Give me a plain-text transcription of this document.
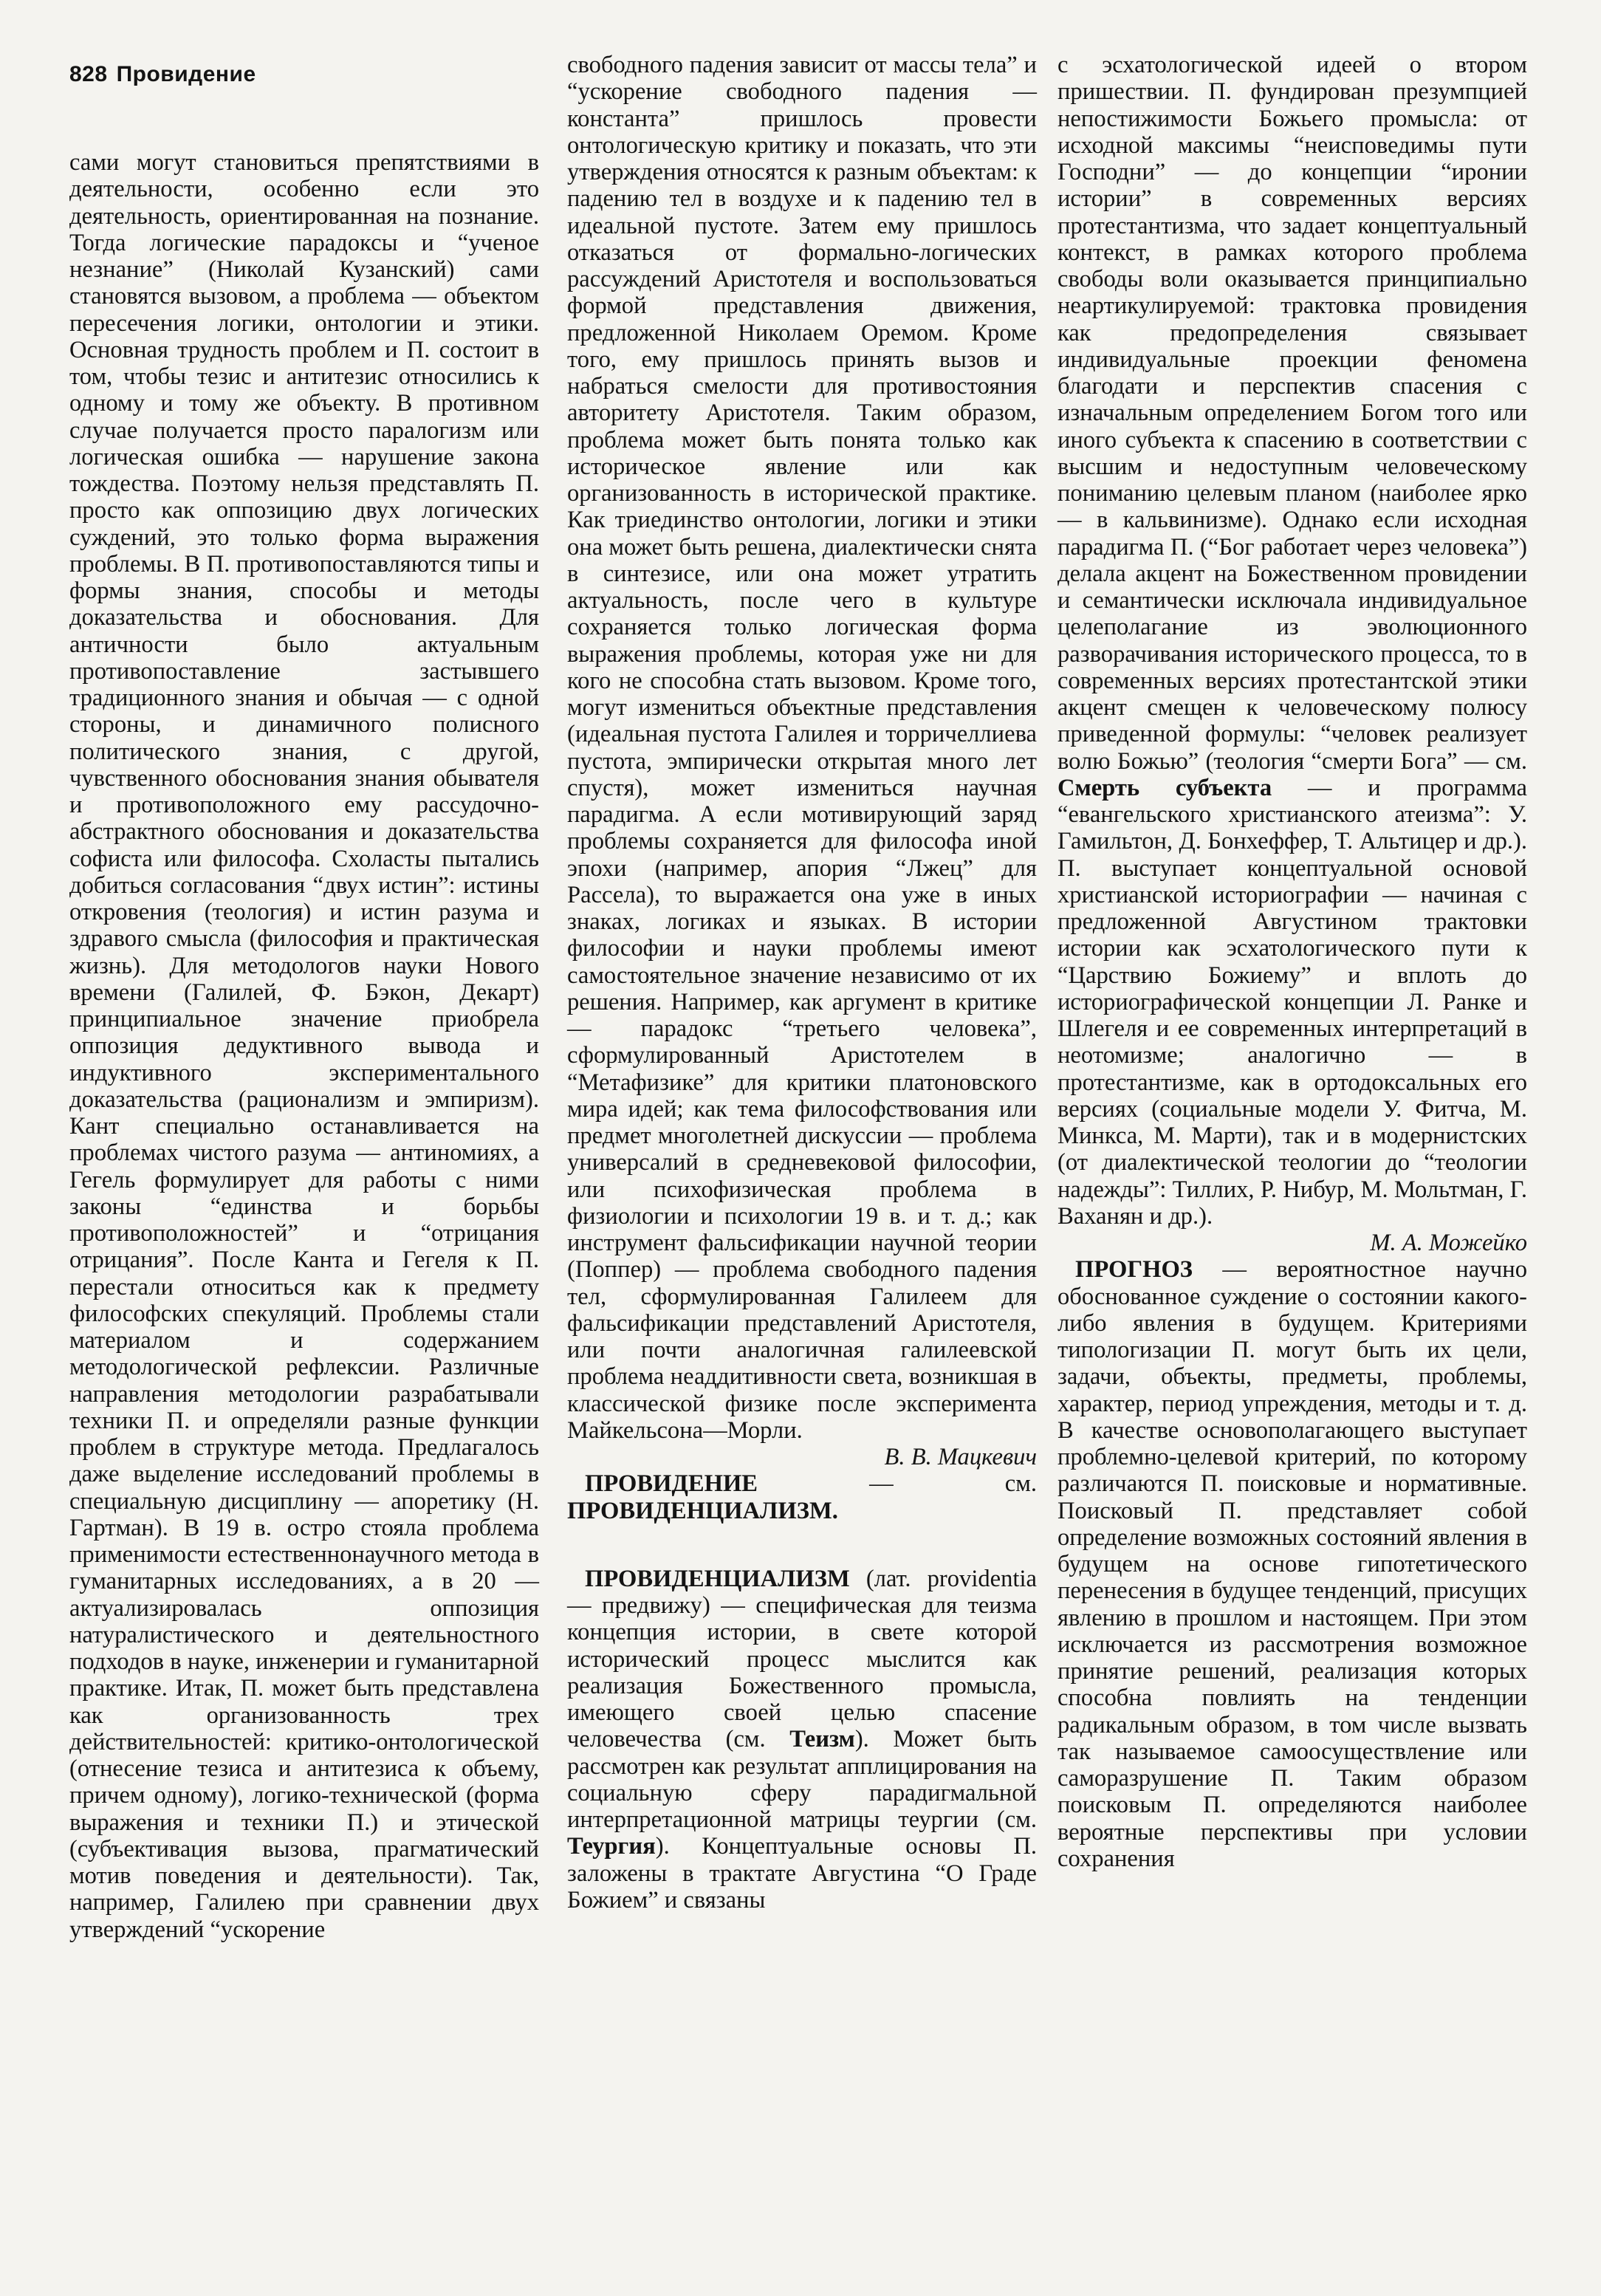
828 Провидение

сами могут становиться препятствиями в деятельности, особенно если это деятельность, ориентированная на познание. Тогда логические парадоксы и “ученое незнание” (Николай Кузанский) сами становятся вызовом, а проблема — объектом пересечения логики, онтологии и этики. Основная трудность проблем и П. состоит в том, чтобы тезис и антитезис относились к одному и тому же объекту. В противном случае получается просто паралогизм или логическая ошибка — нарушение закона тождества. Поэтому нельзя представлять П. просто как оппозицию двух логических суждений, это только форма выражения проблемы. В П. противопоставляются типы и формы знания, способы и методы доказательства и обоснования. Для античности было актуальным противопоставление застывшего традиционного знания и обычая — с одной стороны, и динамичного полисного политического знания, с другой, чувственного обоснования знания обывателя и противоположного ему рассудочно-абстрактного обоснования и доказательства софиста или философа. Схоласты пытались добиться согласования “двух истин”: истины откровения (теология) и истин разума и здравого смысла (философия и практическая жизнь). Для методологов науки Нового времени (Галилей, Ф. Бэкон, Декарт) принципиальное значение приобрела оппозиция дедуктивного вывода и индуктивного экспериментального доказательства (рационализм и эмпиризм). Кант специально останавливается на проблемах чистого разума — антиномиях, а Гегель формулирует для работы с ними законы “единства и борьбы противоположностей” и “отрицания отрицания”. После Канта и Гегеля к П. перестали относиться как к предмету философских спекуляций. Проблемы стали материалом и содержанием методологической рефлексии. Различные направления методологии разрабатывали техники П. и определяли разные функции проблем в структуре метода. Предлагалось даже выделение исследований проблемы в специальную дисциплину — апоретику (Н. Гартман). В 19 в. остро стояла проблема применимости естественнонаучного метода в гуманитарных исследованиях, а в 20 — актуализировалась оппозиция натуралистического и деятельностного подходов в науке, инженерии и гуманитарной практике. Итак, П. может быть представлена как организованность трех действительностей: критико-онтологической (отнесение тезиса и антитезиса к объему, причем одному), логико-технической (форма выражения и техники П.) и этической (субъективация вызова, прагматический мотив поведения и деятельности). Так, например, Галилею при сравнении двух утверждений “ускорение

свободного падения зависит от массы тела” и “ускорение свободного падения — константа” пришлось провести онтологическую критику и показать, что эти утверждения относятся к разным объектам: к падению тел в воздухе и к падению тел в идеальной пустоте. Затем ему пришлось отказаться от формально-логических рассуждений Аристотеля и воспользоваться формой представления движения, предложенной Николаем Оремом. Кроме того, ему пришлось принять вызов и набраться смелости для противостояния авторитету Аристотеля. Таким образом, проблема может быть понята только как историческое явление или как организованность в исторической практике. Как триединство онтологии, логики и этики она может быть решена, диалектически снята в синтезисе, или она может утратить актуальность, после чего в культуре сохраняется только логическая форма выражения проблемы, которая уже ни для кого не способна стать вызовом. Кроме того, могут измениться объектные представления (идеальная пустота Галилея и торричеллиева пустота, эмпирически открытая много лет спустя), может измениться научная парадигма. А если мотивирующий заряд проблемы сохраняется для философа иной эпохи (например, апория “Лжец” для Рассела), то выражается она уже в иных знаках, логиках и языках. В истории философии и науки проблемы имеют самостоятельное значение независимо от их решения. Например, как аргумент в критике — парадокс “третьего человека”, сформулированный Аристотелем в “Метафизике” для критики платоновского мира идей; как тема философствования или предмет многолетней дискуссии — проблема универсалий в средневековой философии, или психофизическая проблема в физиологии и психологии 19 в. и т. д.; как инструмент фальсификации научной теории (Поппер) — проблема свободного падения тел, сформулированная Галилеем для фальсификации представлений Аристотеля, или почти аналогичная галилеевской проблема неаддитивности света, возникшая в классической физике после эксперимента Майкельсона—Морли.

В. В. Мацкевич

ПРОВИДЕНИЕ — см. ПРОВИДЕНЦИАЛИЗМ.

ПРОВИДЕНЦИАЛИЗМ (лат. providentia — предвижу) — специфическая для теизма концепция истории, в свете которой исторический процесс мыслится как реализация Божественного промысла, имеющего своей целью спасение человечества (см. Теизм). Может быть рассмотрен как результат апплицирования на социальную сферу парадигмальной интерпретационной матрицы теургии (см. Теургия). Концептуальные основы П. заложены в трактате Августина “О Граде Божием” и связаны

с эсхатологической идеей о втором пришествии. П. фундирован презумпцией непостижимости Божьего промысла: от исходной максимы “неисповедимы пути Господни” — до концепции “иронии истории” в современных версиях протестантизма, что задает концептуальный контекст, в рамках которого проблема свободы воли оказывается принципиально неартикулируемой: трактовка провидения как предопределения связывает индивидуальные проекции феномена благодати и перспектив спасения с изначальным определением Богом того или иного субъекта к спасению в соответствии с высшим и недоступным человеческому пониманию целевым планом (наиболее ярко — в кальвинизме). Однако если исходная парадигма П. (“Бог работает через человека”) делала акцент на Божественном провидении и семантически исключала индивидуальное целеполагание из эволюционного разворачивания исторического процесса, то в современных версиях протестантской этики акцент смещен к человеческому полюсу приведенной формулы: “человек реализует волю Божью” (теология “смерти Бога” — см. Смерть субъекта — и программа “евангельского христианского атеизма”: У. Гамильтон, Д. Бонхеффер, Т. Альтицер и др.). П. выступает концептуальной основой христианской историографии — начиная с предложенной Августином трактовки истории как эсхатологического пути к “Царствию Божиему” и вплоть до историографической концепции Л. Ранке и Шлегеля и ее современных интерпретаций в неотомизме; аналогично — в протестантизме, как в ортодоксальных его версиях (социальные модели У. Фитча, М. Минкса, М. Марти), так и в модернистских (от диалектической теологии до “теологии надежды”: Тиллих, Р. Нибур, М. Мольтман, Г. Ваханян и др.).

М. А. Можейко

ПРОГНОЗ — вероятностное научно обоснованное суждение о состоянии какого-либо явления в будущем. Критериями типологизации П. могут быть их цели, задачи, объекты, предметы, проблемы, характер, период упреждения, методы и т. д. В качестве основополагающего выступает проблемно-целевой критерий, по которому различаются П. поисковые и нормативные. Поисковый П. представляет собой определение возможных состояний явления в будущем на основе гипотетического перенесения в будущее тенденций, присущих явлению в прошлом и настоящем. При этом исключается из рассмотрения возможное принятие решений, реализация которых способна повлиять на тенденции радикальным образом, в том числе вызвать так называемое самоосуществление или саморазрушение П. Таким образом поисковым П. определяются наиболее вероятные перспективы при условии сохранения
